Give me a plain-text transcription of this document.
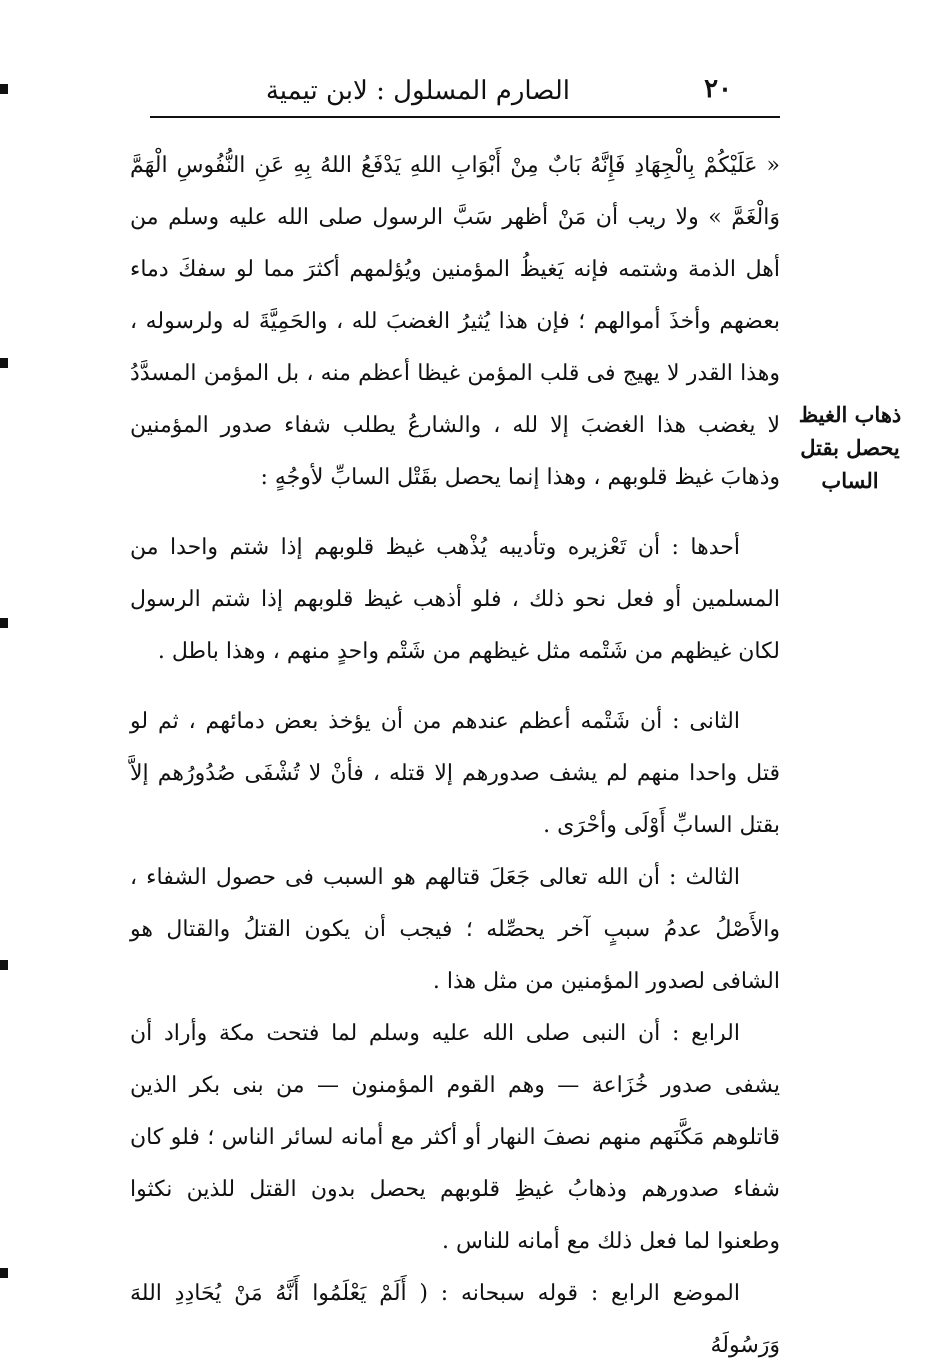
٢٠
الصارم المسلول : لابن تيمية
ذهاب الغيظ يحصل بقتل الساب

« عَلَيْكُمْ بِالْجِهَادِ فَإِنَّهُ بَابٌ مِنْ أَبْوَابِ اللهِ يَدْفَعُ اللهُ بِهِ عَنِ النُّفُوسِ الْهَمَّ وَالْغَمَّ » ولا ريب أن مَنْ أظهر سَبَّ الرسول صلى الله عليه وسلم من أهل الذمة وشتمه فإنه يَغيظُ المؤمنين ويُؤلمهم أكثرَ مما لو سفكَ دماء بعضهم وأخذَ أموالهم ؛ فإن هذا يُثيرُ الغضبَ لله ، والحَمِيَّةَ له ولرسوله ، وهذا القدر لا يهيج فى قلب المؤمن غيظا أعظم منه ، بل المؤمن المسدَّدُ لا يغضب هذا الغضبَ إلا لله ، والشارعُ يطلب شفاء صدور المؤمنين وذهابَ غيظ قلوبهم ، وهذا إنما يحصل بقَتْل السابِّ لأوجُهٍ :

أحدها : أن تَعْزيره وتأديبه يُذْهب غيظ قلوبهم إذا شتم واحدا من المسلمين أو فعل نحو ذلك ، فلو أذهب غيظ قلوبهم إذا شتم الرسول لكان غيظهم من شَتْمه مثل غيظهم من شَتْم واحدٍ منهم ، وهذا باطل .

الثانى : أن شَتْمه أعظم عندهم من أن يؤخذ بعض دمائهم ، ثم لو قتل واحدا منهم لم يشف صدورهم إلا قتله ، فأنْ لا تُشْفَى صُدُورُهم إلاَّ بقتل السابِّ أَوْلَى وأحْرَى .

الثالث : أن الله تعالى جَعَلَ قتالهم هو السبب فى حصول الشفاء ، والأَصْلُ عدمُ سببٍ آخر يحصِّله ؛ فيجب أن يكون القتلُ والقتال هو الشافى لصدور المؤمنين من مثل هذا .

الرابع : أن النبى صلى الله عليه وسلم لما فتحت مكة وأراد أن يشفى صدور خُزَاعة — وهم القوم المؤمنون — من بنى بكر الذين قاتلوهم مَكَّنَهم منهم نصفَ النهار أو أكثر مع أمانه لسائر الناس ؛ فلو كان شفاء صدورهم وذهابُ غيظِ قلوبهم يحصل بدون القتل للذين نكثوا وطعنوا لما فعل ذلك مع أمانه للناس .

الموضع الرابع : قوله سبحانه : ( أَلَمْ يَعْلَمُوا أَنَّهُ مَنْ يُحَادِدِ اللهَ وَرَسُولَهُ
